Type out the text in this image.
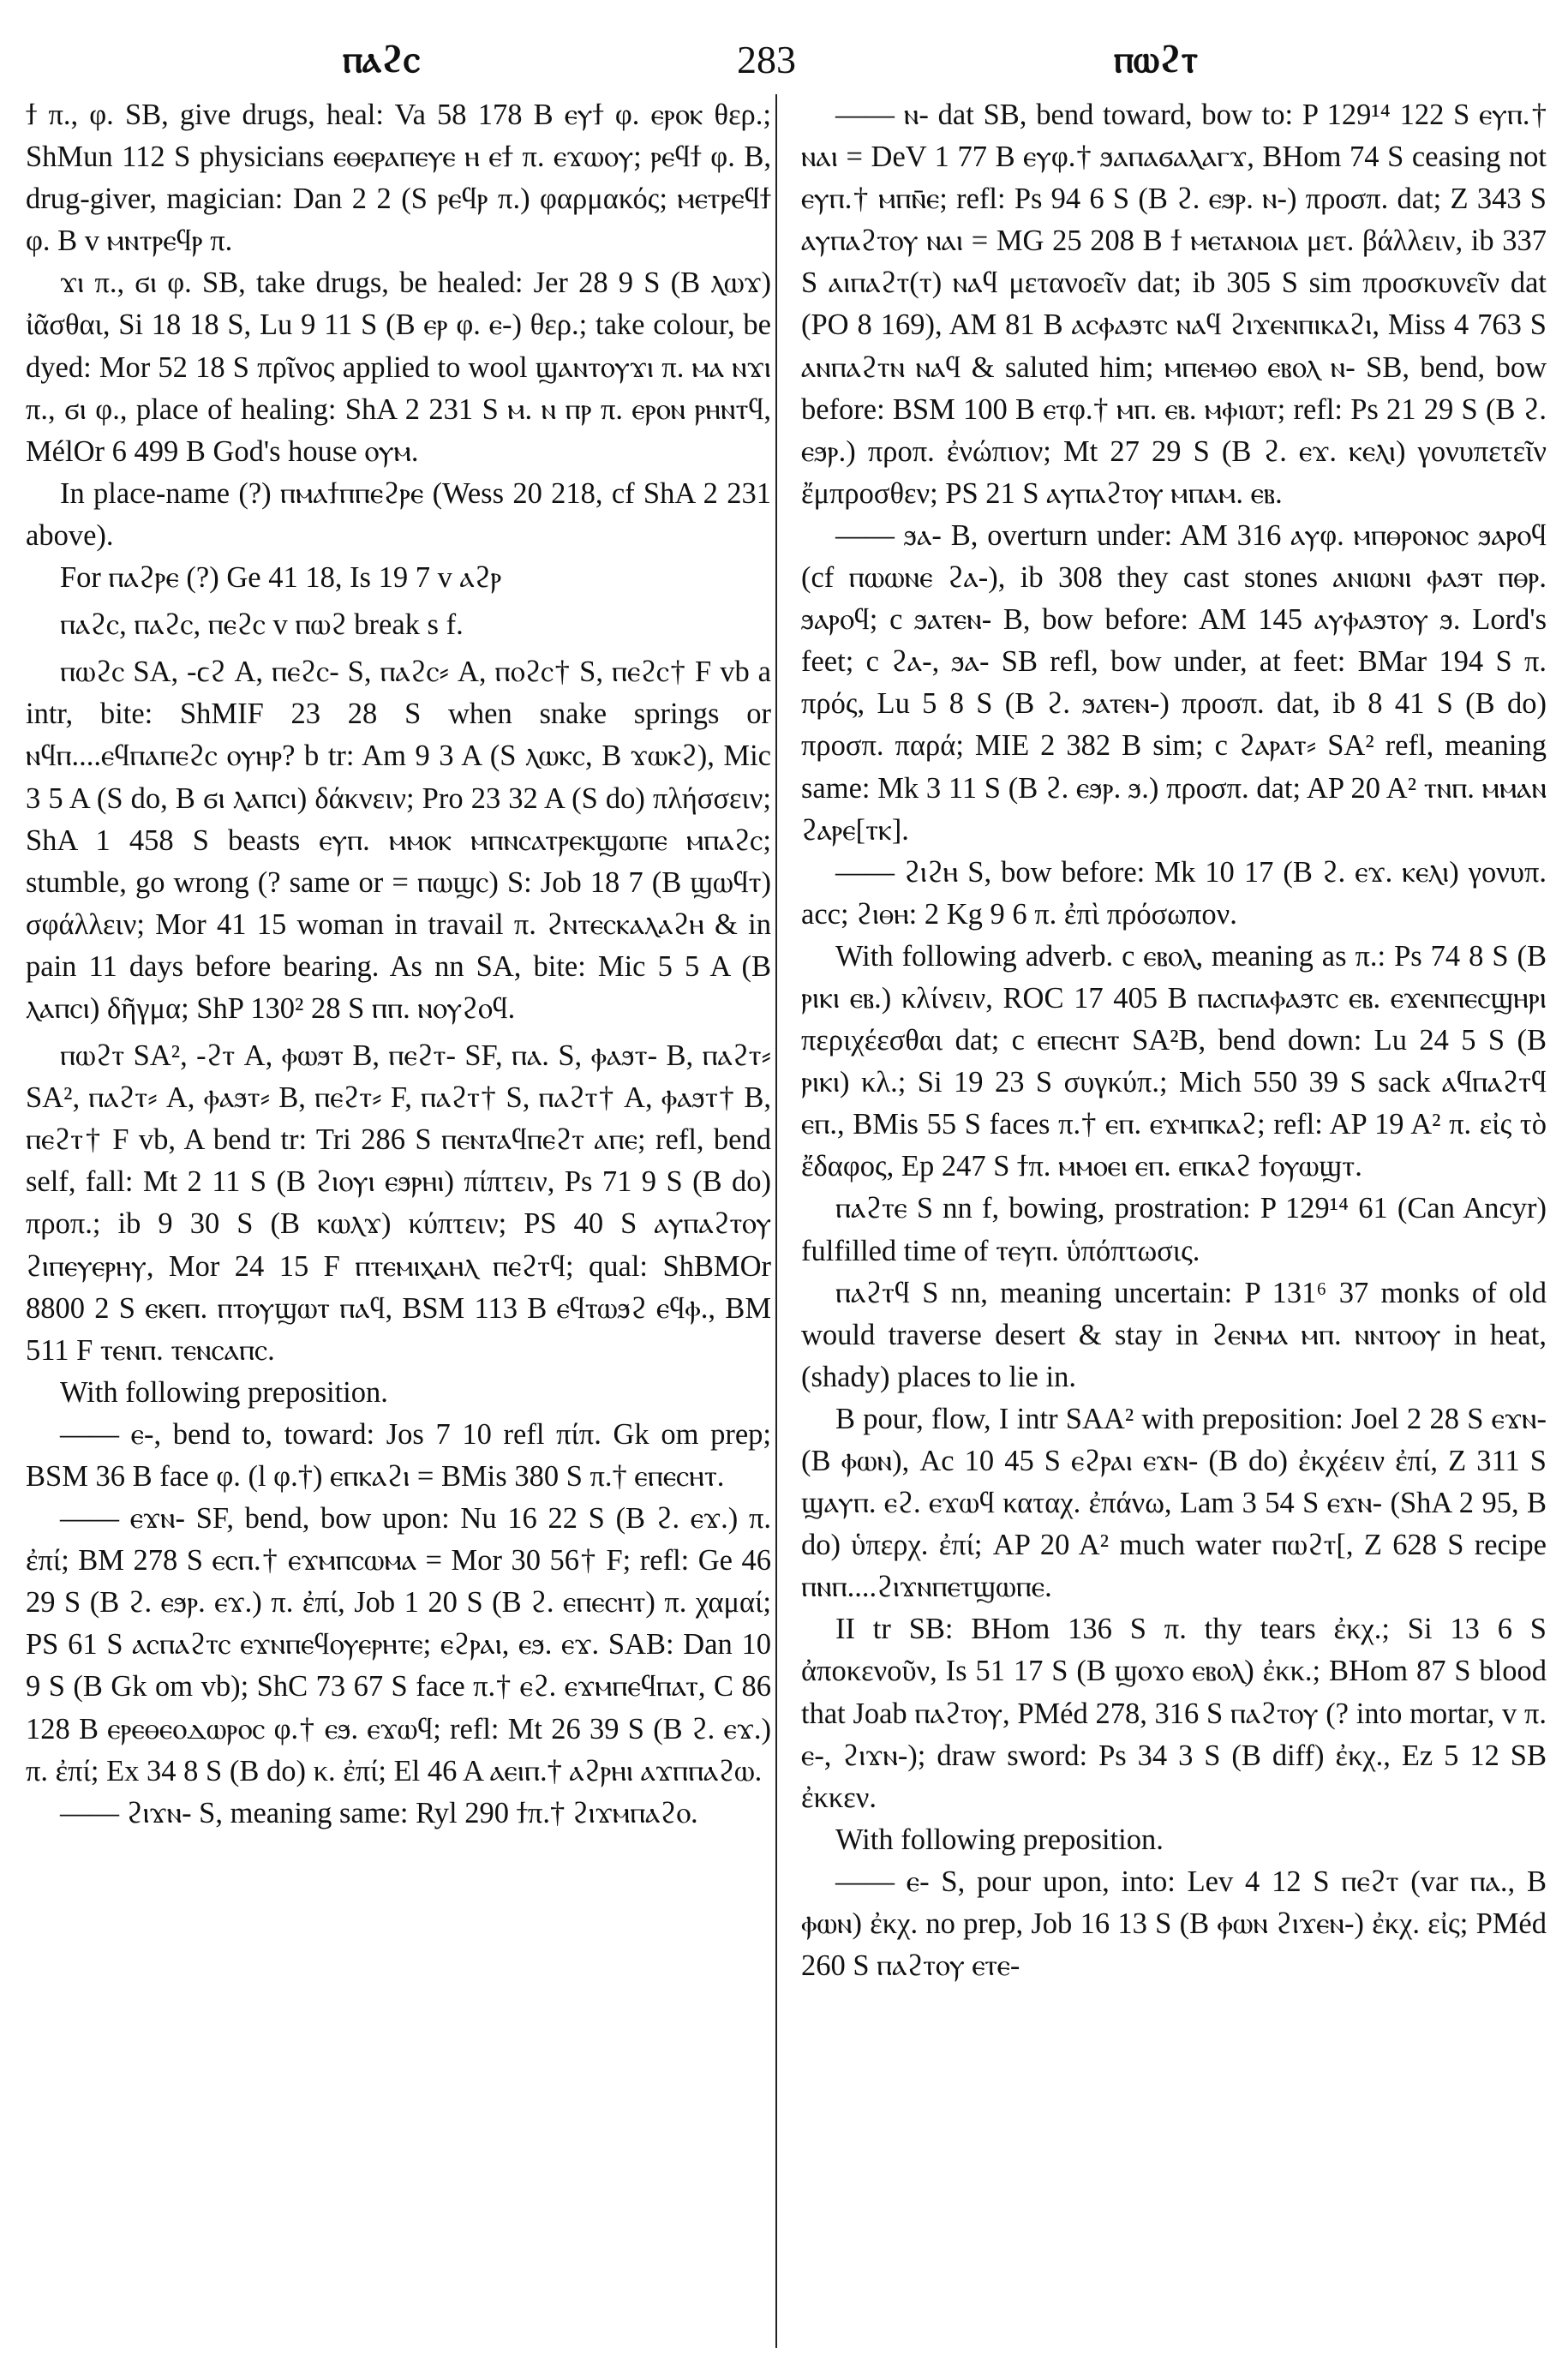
ⲡⲁϩⲥ	283	ⲡⲱϩⲧ

ϯ π., φ. SB, give drugs, heal: Va 58 178 B ⲉⲩϯ φ. ⲉⲣⲟⲕ θερ.; ShMun 112 S physicians ⲉⲑⲉⲣⲁⲡⲉⲩⲉ ⲏ ⲉϯ π. ⲉϫⲱⲟⲩ; ⲣⲉϥϯ φ. B, drug-giver, magician: Dan 2 2 (S ⲣⲉϥⲣ π.) φαρμακός; ⲙⲉⲧⲣⲉϥϯ φ. B v ⲙⲛⲧⲣⲉϥⲣ π.

ϫⲓ π., ϭⲓ φ. SB, take drugs, be healed: Jer 28 9 S (B ⲗⲱϫ) ἰᾶσθαι, Si 18 18 S, Lu 9 11 S (B ⲉⲣ φ. ⲉ-) θερ.; take colour, be dyed: Mor 52 18 S πρῖνος applied to wool ϣⲁⲛⲧⲟⲩϫⲓ π. ⲙⲁ ⲛϫⲓ π., ϭⲓ φ., place of healing: ShA 2 231 S ⲙ. ⲛ ⲡⲣ π. ⲉⲣⲟⲛ ⲣⲏⲛⲧϥ, MélOr 6 499 B God's house ⲟⲩⲙ.

In place-name (?) ⲡⲙⲁϯⲡⲡⲉϩⲣⲉ (Wess 20 218, cf ShA 2 231 above).

For ⲡⲁϩⲣⲉ (?) Ge 41 18, Is 19 7 v ⲁϩⲣ

ⲡⲁϩⲥ, ⲡⲁϩⲥ, ⲡⲉϩⲥ v ⲡⲱϩ break s f.

ⲡⲱϩⲥ SA, -ϲϩ A, ⲡⲉϩⲥ- S, ⲡⲁϩⲥ⸗ A, ⲡⲟϩⲥ† S, ⲡⲉϩⲥ† F vb a intr, bite: ShMIF 23 28 S when snake springs or ⲛϥⲡ....ⲉϥⲡⲁⲡⲉϩⲥ ⲟⲩⲏⲣ? b tr: Am 9 3 A (S ⲗⲱⲕⲥ, B ϫⲱⲕϩ), Mic 3 5 A (S do, B ϭⲓ ⲗⲁⲡⲥⲓ) δάκνειν; Pro 23 32 A (S do) πλήσσειν; ShA 1 458 S beasts ⲉⲩⲡ. ⲙⲙⲟⲕ ⲙⲡⲛⲥⲁⲧⲣⲉⲕϣⲱⲡⲉ ⲙⲡⲁϩⲥ; stumble, go wrong (? same or = ⲡⲱϣⲥ) S: Job 18 7 (B ϣⲱϥⲧ) σφάλλειν; Mor 41 15 woman in travail π. ϩⲛⲧⲉⲥⲕⲁⲗⲁϩⲏ & in pain 11 days before bearing. As nn SA, bite: Mic 5 5 A (B ⲗⲁⲡⲥⲓ) δῆγμα; ShP 130² 28 S ⲡⲡ. ⲛⲟⲩϩⲟϥ.

ⲡⲱϩⲧ SA², -ϩⲧ A, ⲫⲱϧⲧ B, ⲡⲉϩⲧ- SF, ⲡⲁ. S, ⲫⲁϧⲧ- B, ⲡⲁϩⲧ⸗ SA², ⲡⲁϩⲧ⸗ A, ⲫⲁϧⲧ⸗ B, ⲡⲉϩⲧ⸗ F, ⲡⲁϩⲧ† S, ⲡⲁϩⲧ† A, ⲫⲁϧⲧ† B, ⲡⲉϩⲧ† F vb, A bend tr: Tri 286 S ⲡⲉⲛⲧⲁϥⲡⲉϩⲧ ⲁⲡⲉ; refl, bend self, fall: Mt 2 11 S (B ϩⲓⲟⲩⲓ ⲉϧⲣⲏⲓ) πίπτειν, Ps 71 9 S (B do) προπ.; ib 9 30 S (B ⲕⲱⲗϫ) κύπτειν; PS 40 S ⲁⲩⲡⲁϩⲧⲟⲩ ϩⲓⲡⲉⲩⲉⲣⲏⲩ, Mor 24 15 F ⲡⲧⲉⲙⲓⲭⲁⲏⲗ ⲡⲉϩⲧϥ; qual: ShBMOr 8800 2 S ⲉⲕⲉⲡ. ⲡⲧⲟⲩϣⲱⲧ ⲡⲁϥ, BSM 113 B ⲉϥⲧⲱϧϩ ⲉϥⲫ., BM 511 F ⲧⲉⲛⲡ. ⲧⲉⲛⲥⲁⲡⲥ.

With following preposition.

—— ⲉ-, bend to, toward: Jos 7 10 refl πίπ. Gk om prep; BSM 36 B face φ. (l φ.†) ⲉⲡⲕⲁϩⲓ = BMis 380 S π.† ⲉⲡⲉⲥⲏⲧ.

—— ⲉϫⲛ- SF, bend, bow upon: Nu 16 22 S (B ϩ. ⲉϫ.) π. ἐπί; BM 278 S ⲉⲥⲡ.† ⲉϫⲙⲡⲥⲱⲙⲁ = Mor 30 56† F; refl: Ge 46 29 S (B ϩ. ⲉϧⲣ. ⲉϫ.) π. ἐπί, Job 1 20 S (B ϩ. ⲉⲡⲉⲥⲏⲧ) π. χαμαί; PS 61 S ⲁⲥⲡⲁϩⲧⲥ ⲉϫⲛⲡⲉϥⲟⲩⲉⲣⲏⲧⲉ; ⲉϩⲣⲁⲓ, ⲉϧ. ⲉϫ. SAB: Dan 10 9 S (B Gk om vb); ShC 73 67 S face π.† ⲉϩ. ⲉϫⲙⲡⲉϥⲡⲁⲧ, C 86 128 B ⲉⲣⲉⲑⲉⲟⲇⲱⲣⲟⲥ φ.† ⲉϧ. ⲉϫⲱϥ; refl: Mt 26 39 S (B ϩ. ⲉϫ.) π. ἐπί; Ex 34 8 S (B do) κ. ἐπί; El 46 A ⲁⲉⲓⲡ.† ⲁϩⲣⲏⲓ ⲁϫⲡⲡⲁϩⲱ.

—— ϩⲓϫⲛ- S, meaning same: Ryl 290 ϯπ.† ϩⲓϫⲙⲡⲁϩⲟ.

—— ⲛ- dat SB, bend toward, bow to: P 129¹⁴ 122 S ⲉⲩⲡ.† ⲛⲁⲓ = DeV 1 77 B ⲉⲩφ.† ϧⲁⲡⲁϭⲁⲗⲁⲅϫ, BHom 74 S ceasing not ⲉⲩⲡ.† ⲙⲡⲛ̄ⲉ; refl: Ps 94 6 S (B ϩ. ⲉϧⲣ. ⲛ-) προσπ. dat; Z 343 S ⲁⲩⲡⲁϩⲧⲟⲩ ⲛⲁⲓ = MG 25 208 B ϯ ⲙⲉⲧⲁⲛⲟⲓⲁ μετ. βάλλειν, ib 337 S ⲁⲓⲡⲁϩⲧ(ⲧ) ⲛⲁϥ μετανοεῖν dat; ib 305 S sim προσκυνεῖν dat (PO 8 169), AM 81 B ⲁⲥⲫⲁϧⲧⲥ ⲛⲁϥ ϩⲓϫⲉⲛⲡⲓⲕⲁϩⲓ, Miss 4 763 S ⲁⲛⲡⲁϩⲧⲛ ⲛⲁϥ & saluted him; ⲙⲡⲉⲙⲑⲟ ⲉⲃⲟⲗ ⲛ- SB, bend, bow before: BSM 100 B ⲉⲧφ.† ⲙⲡ. ⲉⲃ. ⲙⲫⲓⲱⲧ; refl: Ps 21 29 S (B ϩ. ⲉϧⲣ.) προπ. ἐνώπιον; Mt 27 29 S (B ϩ. ⲉϫ. ⲕⲉⲗⲓ) γονυπετεῖν ἔμπροσθεν; PS 21 S ⲁⲩⲡⲁϩⲧⲟⲩ ⲙⲡⲁⲙ. ⲉⲃ.

—— ϧⲁ- B, overturn under: AM 316 ⲁⲩφ. ⲙⲡⲑⲣⲟⲛⲟⲥ ϧⲁⲣⲟϥ (cf ⲡⲱⲱⲛⲉ ϩⲁ-), ib 308 they cast stones ⲁⲛⲓⲱⲛⲓ ⲫⲁϧⲧ ⲡⲑⲣ. ϧⲁⲣⲟϥ; c ϧⲁⲧⲉⲛ- B, bow before: AM 145 ⲁⲩⲫⲁϧⲧⲟⲩ ϧ. Lord's feet; c ϩⲁ-, ϧⲁ- SB refl, bow under, at feet: BMar 194 S π. πρός, Lu 5 8 S (B ϩ. ϧⲁⲧⲉⲛ-) προσπ. dat, ib 8 41 S (B do) προσπ. παρά; MIE 2 382 B sim; c ϩⲁⲣⲁⲧ⸗ SA² refl, meaning same: Mk 3 11 S (B ϩ. ⲉϧⲣ. ϧ.) προσπ. dat; AP 20 A² ⲧⲛⲡ. ⲙⲙⲁⲛ ϩⲁⲣⲉ[ⲧⲕ].

—— ϩⲓϩⲏ S, bow before: Mk 10 17 (B ϩ. ⲉϫ. ⲕⲉⲗⲓ) γονυπ. acc; ϩⲓⲑⲏ: 2 Kg 9 6 π. ἐπὶ πρόσωπον.

With following adverb. c ⲉⲃⲟⲗ, meaning as π.: Ps 74 8 S (B ⲣⲓⲕⲓ ⲉⲃ.) κλίνειν, ROC 17 405 B ⲡⲁⲥⲡⲁⲫⲁϧⲧⲥ ⲉⲃ. ⲉϫⲉⲛⲡⲉⲥϣⲏⲣⲓ περιχέεσθαι dat; c ⲉⲡⲉⲥⲏⲧ SA²B, bend down: Lu 24 5 S (B ⲣⲓⲕⲓ) κλ.; Si 19 23 S συγκύπ.; Mich 550 39 S sack ⲁϥⲡⲁϩⲧϥ ⲉⲡ., BMis 55 S faces π.† ⲉⲡ. ⲉϫⲙⲡⲕⲁϩ; refl: AP 19 A² π. εἰς τὸ ἔδαφος, Ep 247 S ϯπ. ⲙⲙⲟⲉⲓ ⲉⲡ. ⲉⲡⲕⲁϩ ϯⲟⲩⲱϣⲧ.

ⲡⲁϩⲧⲉ S nn f, bowing, prostration: P 129¹⁴ 61 (Can Ancyr) fulfilled time of ⲧⲉⲩⲡ. ὑπόπτωσις.

ⲡⲁϩⲧϥ S nn, meaning uncertain: P 131⁶ 37 monks of old would traverse desert & stay in ϩⲉⲛⲙⲁ ⲙⲡ. ⲛⲛⲧⲟⲟⲩ in heat, (shady) places to lie in.

B pour, flow, I intr SAA² with preposition: Joel 2 28 S ⲉϫⲛ- (B ⲫⲱⲛ), Ac 10 45 S ⲉϩⲣⲁⲓ ⲉϫⲛ- (B do) ἐκχέειν ἐπί, Z 311 S ϣⲁⲩⲡ. ⲉϩ. ⲉϫⲱϥ καταχ. ἐπάνω, Lam 3 54 S ⲉϫⲛ- (ShA 2 95, B do) ὑπερχ. ἐπί; AP 20 A² much water ⲡⲱϩⲧ[, Z 628 S recipe ⲡⲛⲡ....ϩⲓϫⲛⲡⲉⲧϣⲱⲡⲉ.

II tr SB: BHom 136 S π. thy tears ἐκχ.; Si 13 6 S ἀποκενοῦν, Is 51 17 S (B ϣⲟϫⲟ ⲉⲃⲟⲗ) ἐκκ.; BHom 87 S blood that Joab ⲡⲁϩⲧⲟⲩ, PMéd 278, 316 S ⲡⲁϩⲧⲟⲩ (? into mortar, v π. ⲉ-, ϩⲓϫⲛ-); draw sword: Ps 34 3 S (B diff) ἐκχ., Ez 5 12 SB ἐκκεν.

With following preposition.

—— ⲉ- S, pour upon, into: Lev 4 12 S ⲡⲉϩⲧ (var ⲡⲁ., B ⲫⲱⲛ) ἐκχ. no prep, Job 16 13 S (B ⲫⲱⲛ ϩⲓϫⲉⲛ-) ἐκχ. εἰς; PMéd 260 S ⲡⲁϩⲧⲟⲩ ⲉⲧⲉ-
